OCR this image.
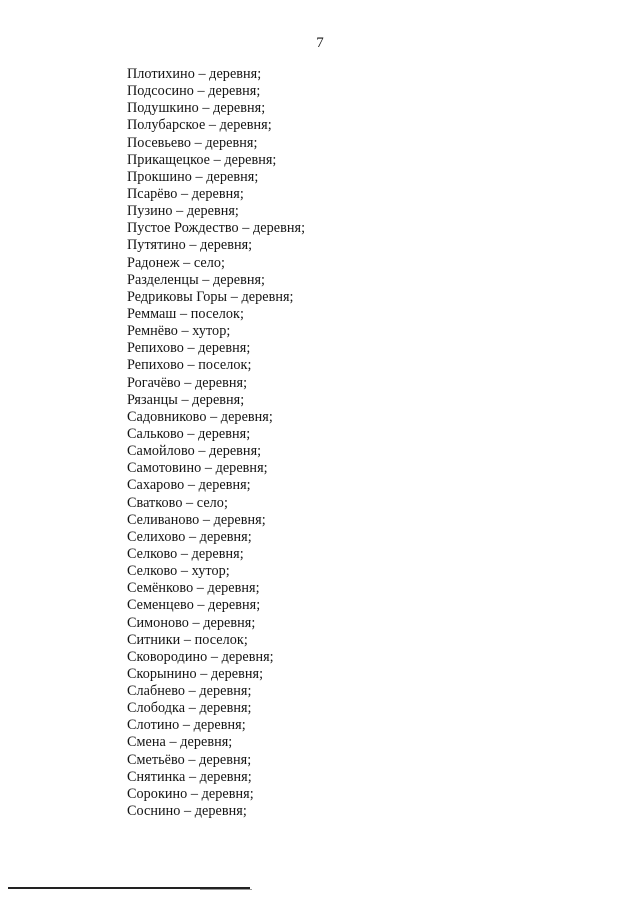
7
Плотихино – деревня;
Подсосино – деревня;
Подушкино – деревня;
Полубарское – деревня;
Посевьево – деревня;
Прикащецкое – деревня;
Прокшино – деревня;
Псарёво – деревня;
Пузино – деревня;
Пустое Рождество – деревня;
Путятино – деревня;
Радонеж – село;
Разделенцы – деревня;
Редриковы Горы – деревня;
Реммаш – поселок;
Ремнёво – хутор;
Репихово – деревня;
Репихово – поселок;
Рогачёво – деревня;
Рязанцы – деревня;
Садовниково – деревня;
Сальково – деревня;
Самойлово – деревня;
Самотовино – деревня;
Сахарово – деревня;
Сватково – село;
Селиваново – деревня;
Селихово – деревня;
Селково – деревня;
Селково – хутор;
Семёнково – деревня;
Семенцево – деревня;
Симоново – деревня;
Ситники – поселок;
Сковородино – деревня;
Скорынино – деревня;
Слабнево – деревня;
Слободка – деревня;
Слотино – деревня;
Смена – деревня;
Сметьёво – деревня;
Снятинка – деревня;
Сорокино – деревня;
Соснино – деревня;
